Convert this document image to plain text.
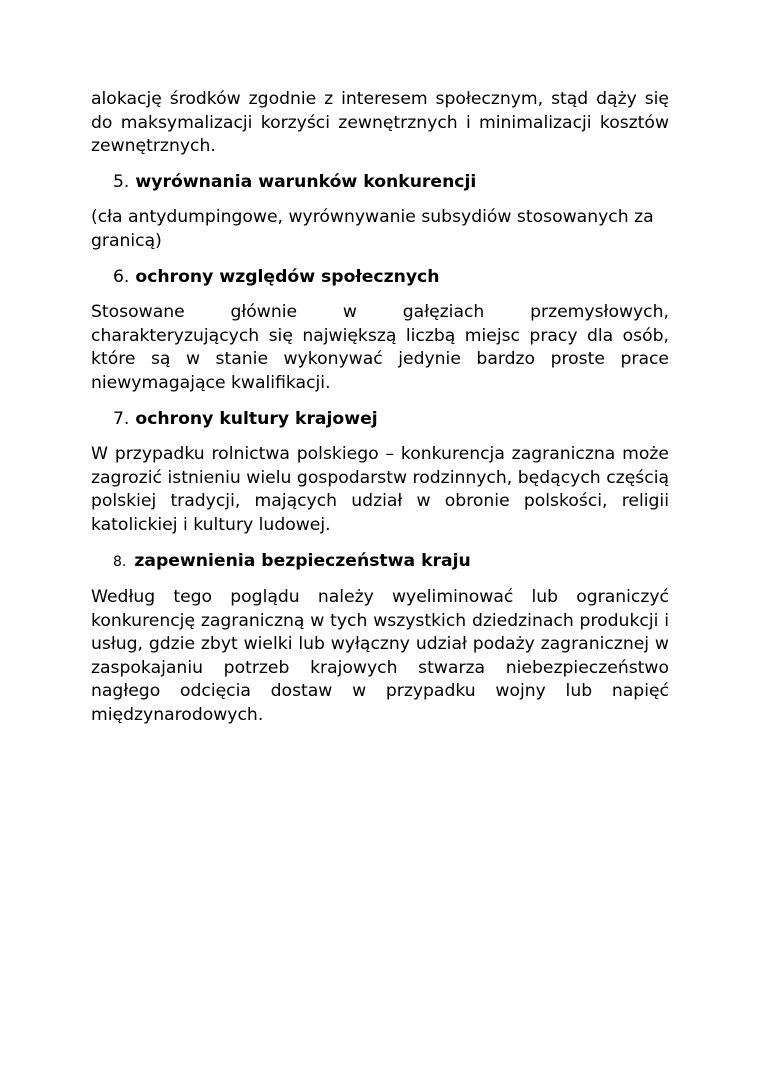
alokację środków zgodnie z interesem społecznym, stąd dąży się do maksymalizacji korzyści zewnętrznych i minimalizacji kosztów zewnętrznych.

5. wyrównania warunków konkurencji

(cła antydumpingowe, wyrównywanie subsydiów stosowanych za granicą)

6. ochrony względów społecznych

Stosowane głównie w gałęziach przemysłowych, charakteryzujących się największą liczbą miejsc pracy dla osób, które są w stanie wykonywać jedynie bardzo proste prace niewymagające kwalifikacji.

7. ochrony kultury krajowej

W przypadku rolnictwa polskiego – konkurencja zagraniczna może zagrozić istnieniu wielu gospodarstw rodzinnych, będących częścią polskiej tradycji, mających udział w obronie polskości, religii katolickiej i kultury ludowej.

8. zapewnienia bezpieczeństwa kraju

Według tego poglądu należy wyeliminować lub ograniczyć konkurencję zagraniczną w tych wszystkich dziedzinach produkcji i usług, gdzie zbyt wielki lub wyłączny udział podaży zagranicznej w zaspokajaniu potrzeb krajowych stwarza niebezpieczeństwo nagłego odcięcia dostaw w przypadku wojny lub napięć międzynarodowych.
